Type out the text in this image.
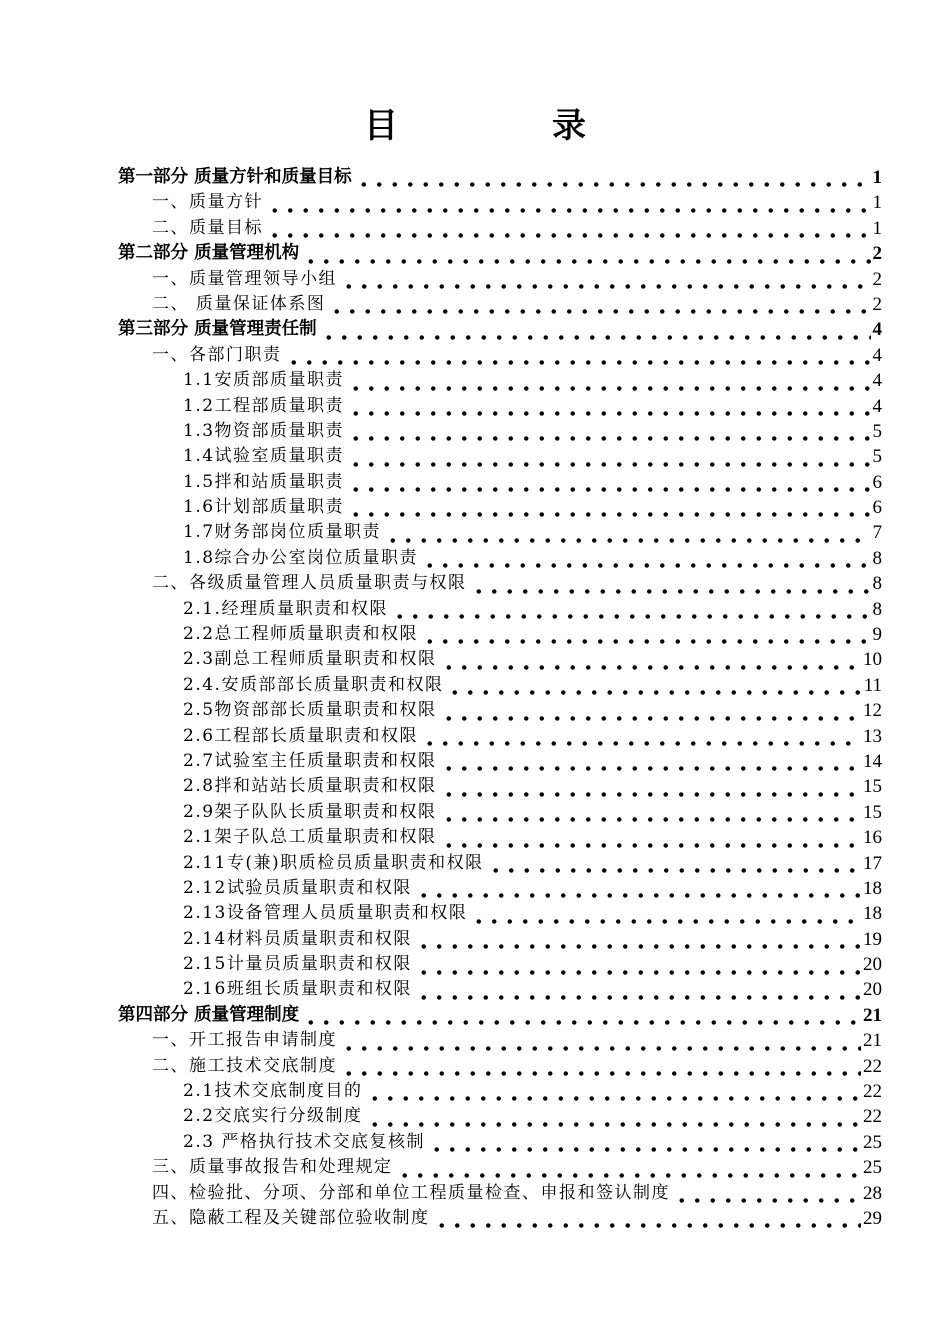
目　录
第一部分 质量方针和质量目标	1
一、质量方针	1
二、质量目标	1
第二部分 质量管理机构	2
一、质量管理领导小组	2
二、 质量保证体系图	2
第三部分 质量管理责任制	4
一、各部门职责	4
1.1安质部质量职责	4
1.2工程部质量职责	4
1.3物资部质量职责	5
1.4试验室质量职责	5
1.5拌和站质量职责	6
1.6计划部质量职责	6
1.7财务部岗位质量职责	7
1.8综合办公室岗位质量职责	8
二、各级质量管理人员质量职责与权限	8
2.1.经理质量职责和权限	8
2.2总工程师质量职责和权限	9
2.3副总工程师质量职责和权限	10
2.4.安质部部长质量职责和权限	11
2.5物资部部长质量职责和权限	12
2.6工程部长质量职责和权限	13
2.7试验室主任质量职责和权限	14
2.8拌和站站长质量职责和权限	15
2.9架子队队长质量职责和权限	15
2.1架子队总工质量职责和权限	16
2.11专(兼)职质检员质量职责和权限	17
2.12试验员质量职责和权限	18
2.13设备管理人员质量职责和权限	18
2.14材料员质量职责和权限	19
2.15计量员质量职责和权限	20
2.16班组长质量职责和权限	20
第四部分 质量管理制度	21
一、开工报告申请制度	21
二、施工技术交底制度	22
2.1技术交底制度目的	22
2.2交底实行分级制度	22
2.3 严格执行技术交底复核制	25
三、质量事故报告和处理规定	25
四、检验批、分项、分部和单位工程质量检查、申报和签认制度	28
五、隐蔽工程及关键部位验收制度	29
